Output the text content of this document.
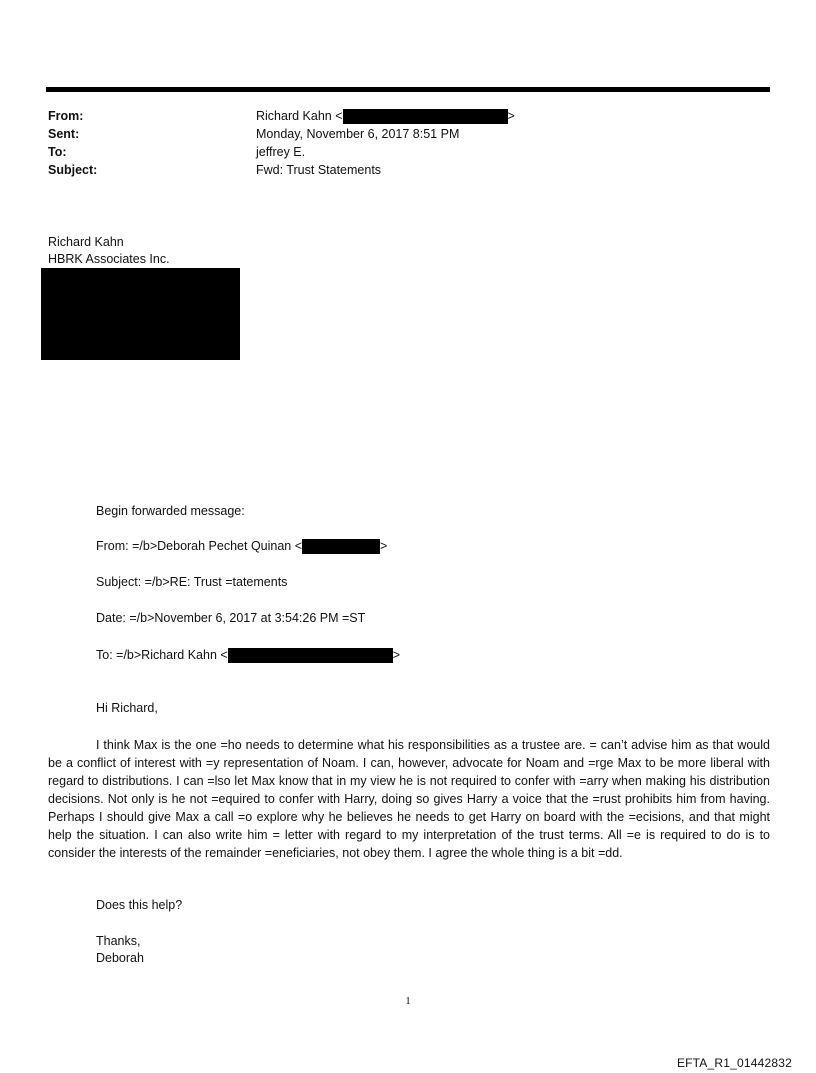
From:	Richard Kahn <	>
Sent:	Monday, November 6, 2017 8:51 PM
To:	jeffrey E.
Subject:	Fwd: Trust Statements
Richard Kahn
HBRK Associates Inc.
Begin forwarded message:
From: =/b>Deborah Pechet Quinan <	>
Subject: =/b>RE: Trust =tatements
Date: =/b>November 6, 2017 at 3:54:26 PM =ST
To: =/b>Richard Kahn <	>
Hi Richard,
I think Max is the one =ho needs to determine what his responsibilities as a trustee are. = can’t advise him as that would be a conflict of interest with =y representation of Noam. I can, however, advocate for Noam and =rge Max to be more liberal with regard to distributions. I can =lso let Max know that in my view he is not required to confer with =arry when making his distribution decisions. Not only is he not =equired to confer with Harry, doing so gives Harry a voice that the =rust prohibits him from having. Perhaps I should give Max a call =o explore why he believes he needs to get Harry on board with the =ecisions, and that might help the situation. I can also write him = letter with regard to my interpretation of the trust terms. All =e is required to do is to consider the interests of the remainder =eneficiaries, not obey them. I agree the whole thing is a bit =dd.
Does this help?
Thanks,
Deborah
1
EFTA_R1_01442832
